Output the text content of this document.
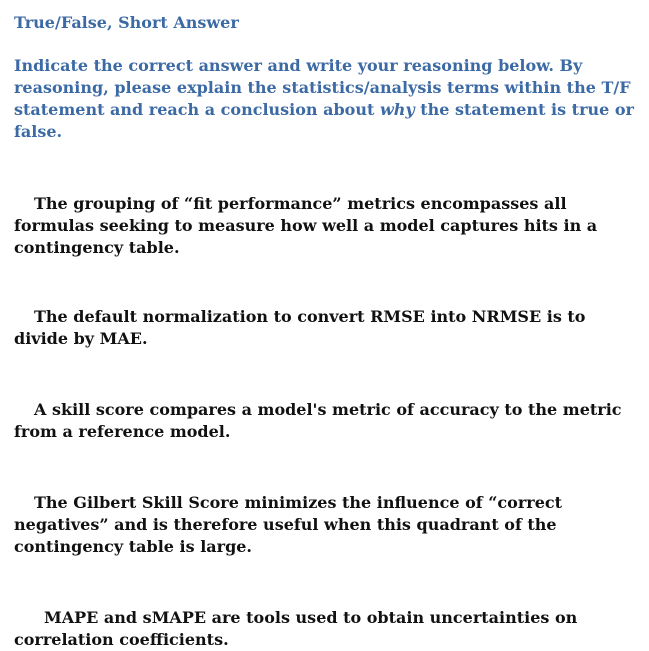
True/False, Short Answer

Indicate the correct answer and write your reasoning below. By reasoning, please explain the statistics/analysis terms within the T/F statement and reach a conclusion about why the statement is true or false.

The grouping of “fit performance” metrics encompasses all formulas seeking to measure how well a model captures hits in a contingency table.

The default normalization to convert RMSE into NRMSE is to divide by MAE.

A skill score compares a model's metric of accuracy to the metric from a reference model.

The Gilbert Skill Score minimizes the influence of “correct negatives” and is therefore useful when this quadrant of the contingency table is large.

MAPE and sMAPE are tools used to obtain uncertainties on correlation coefficients.
